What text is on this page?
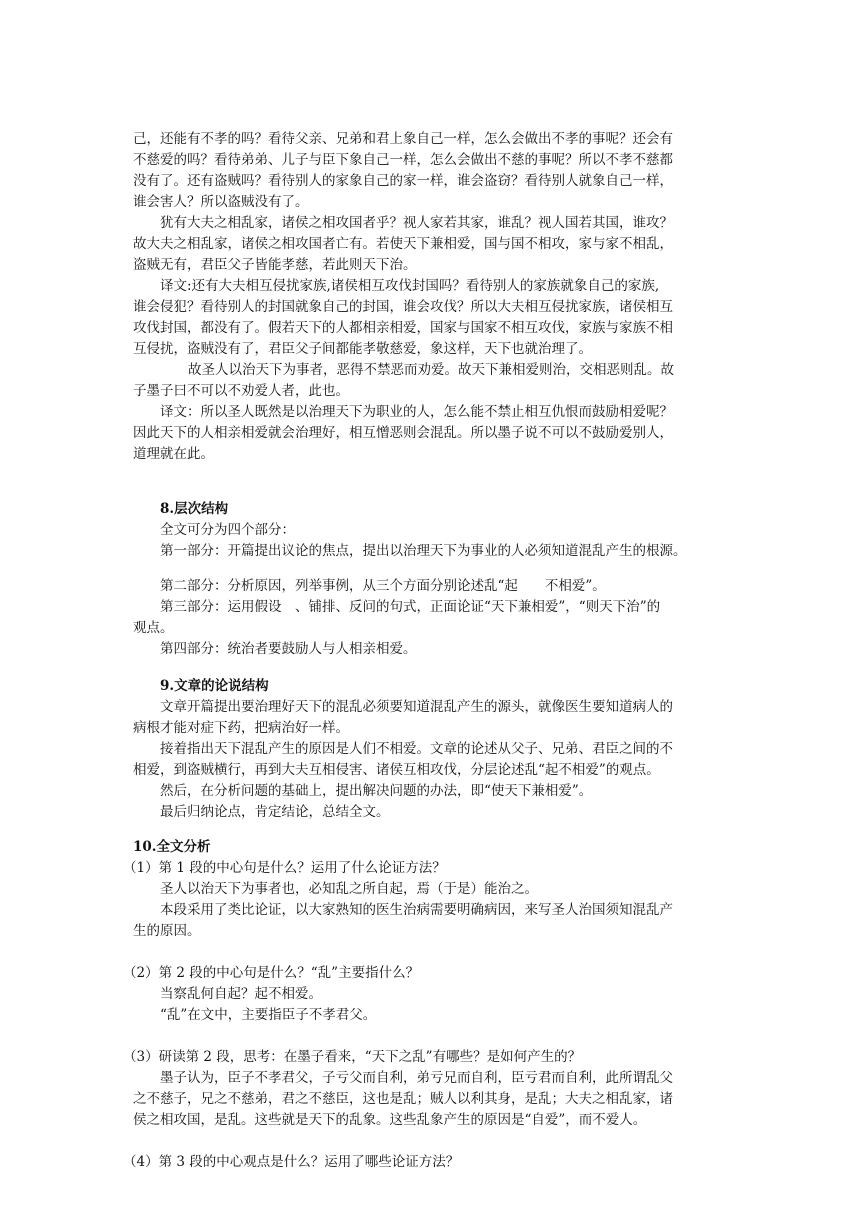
己，还能有不孝的吗？看待父亲、兄弟和君上象自己一样，怎么会做出不孝的事呢？还会有
不慈爱的吗？看待弟弟、儿子与臣下象自己一样，怎么会做出不慈的事呢？所以不孝不慈都
没有了。还有盗贼吗？看待别人的家象自己的家一样，谁会盗窃？看待别人就象自己一样，
谁会害人？所以盗贼没有了。
犹有大夫之相乱家，诸侯之相攻国者乎？视人家若其家，谁乱？视人国若其国，谁攻？
故大夫之相乱家，诸侯之相攻国者亡有。若使天下兼相爱，国与国不相攻，家与家不相乱，
盗贼无有，君臣父子皆能孝慈，若此则天下治。
译文:还有大夫相互侵扰家族,诸侯相互攻伐封国吗？看待别人的家族就象自己的家族,
谁会侵犯？看待别人的封国就象自己的封国，谁会攻伐？所以大夫相互侵扰家族，诸侯相互
攻伐封国，都没有了。假若天下的人都相亲相爱，国家与国家不相互攻伐，家族与家族不相
互侵扰，盗贼没有了，君臣父子间都能孝敬慈爱，象这样，天下也就治理了。
故圣人以治天下为事者，恶得不禁恶而劝爱。故天下兼相爱则治，交相恶则乱。故
子墨子曰不可以不劝爱人者，此也。
译文：所以圣人既然是以治理天下为职业的人，怎么能不禁止相互仇恨而鼓励相爱呢？
因此天下的人相亲相爱就会治理好，相互憎恶则会混乱。所以墨子说不可以不鼓励爱别人，
道理就在此。
8.层次结构
全文可分为四个部分：
第一部分：开篇提出议论的焦点，提出以治理天下为事业的人必须知道混乱产生的根源。
第二部分：分析原因，列举事例，从三个方面分别论述乱“起　　不相爱”。
第三部分：运用假设　、铺排、反问的句式，正面论证“天下兼相爱”，“则天下治”的
观点。
第四部分：统治者要鼓励人与人相亲相爱。
9.文章的论说结构
文章开篇提出要治理好天下的混乱必须要知道混乱产生的源头，就像医生要知道病人的
病根才能对症下药，把病治好一样。
接着指出天下混乱产生的原因是人们不相爱。文章的论述从父子、兄弟、君臣之间的不
相爱，到盗贼横行，再到大夫互相侵害、诸侯互相攻伐，分层论述乱“起不相爱”的观点。
然后，在分析问题的基础上，提出解决问题的办法，即“使天下兼相爱”。
最后归纳论点，肯定结论，总结全文。
10.全文分析
（1）第 1 段的中心句是什么？运用了什么论证方法？
圣人以治天下为事者也，必知乱之所自起，焉（于是）能治之。
本段采用了类比论证，以大家熟知的医生治病需要明确病因，来写圣人治国须知混乱产
生的原因。
（2）第 2 段的中心句是什么？“乱”主要指什么？
当察乱何自起？起不相爱。
“乱”在文中，主要指臣子不孝君父。
（3）研读第 2 段，思考：在墨子看来，“天下之乱”有哪些？是如何产生的？
墨子认为，臣子不孝君父，子亏父而自利，弟亏兄而自利，臣亏君而自利，此所谓乱父
之不慈子，兄之不慈弟，君之不慈臣，这也是乱；贼人以利其身，是乱；大夫之相乱家，诸
侯之相攻国，是乱。这些就是天下的乱象。这些乱象产生的原因是“自爱”，而不爱人。
（4）第 3 段的中心观点是什么？运用了哪些论证方法？
